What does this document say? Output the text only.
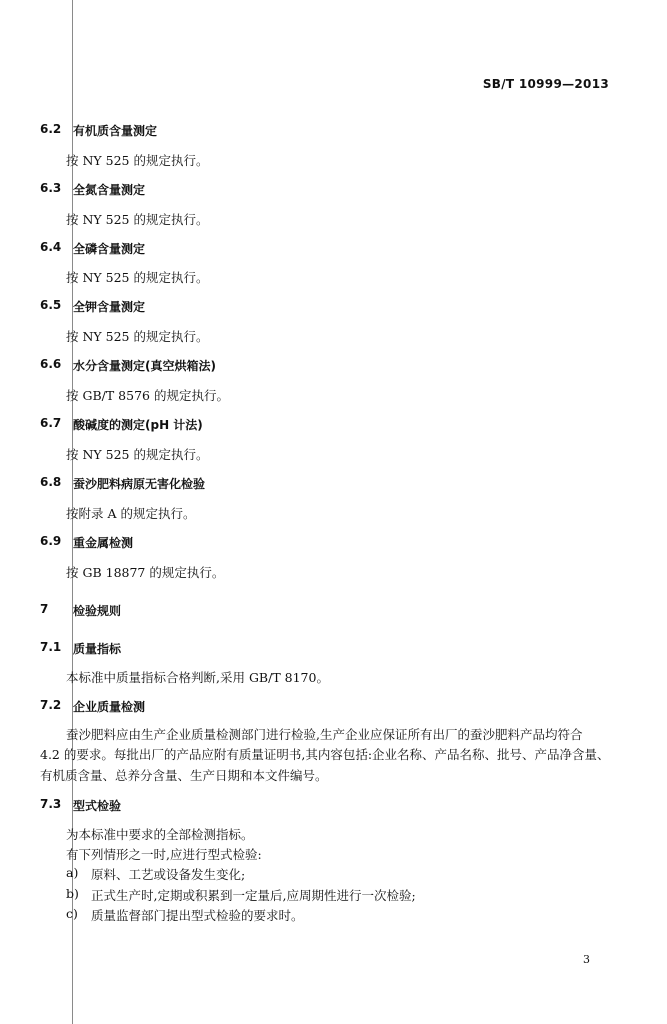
SB/T 10999—2013
6.2 有机质含量测定
按 NY 525 的规定执行。
6.3 全氮含量测定
按 NY 525 的规定执行。
6.4 全磷含量测定
按 NY 525 的规定执行。
6.5 全钾含量测定
按 NY 525 的规定执行。
6.6 水分含量测定(真空烘箱法)
按 GB/T 8576 的规定执行。
6.7 酸碱度的测定(pH 计法)
按 NY 525 的规定执行。
6.8 蚕沙肥料病原无害化检验
按附录 A 的规定执行。
6.9 重金属检测
按 GB 18877 的规定执行。
7 检验规则
7.1 质量指标
本标准中质量指标合格判断,采用 GB/T 8170。
7.2 企业质量检测
蚕沙肥料应由生产企业质量检测部门进行检验,生产企业应保证所有出厂的蚕沙肥料产品均符合
4.2 的要求。每批出厂的产品应附有质量证明书,其内容包括:企业名称、产品名称、批号、产品净含量、
有机质含量、总养分含量、生产日期和本文件编号。
7.3 型式检验
为本标准中要求的全部检测指标。
有下列情形之一时,应进行型式检验:
a) 原料、工艺或设备发生变化;
b) 正式生产时,定期或积累到一定量后,应周期性进行一次检验;
c) 质量监督部门提出型式检验的要求时。
3
